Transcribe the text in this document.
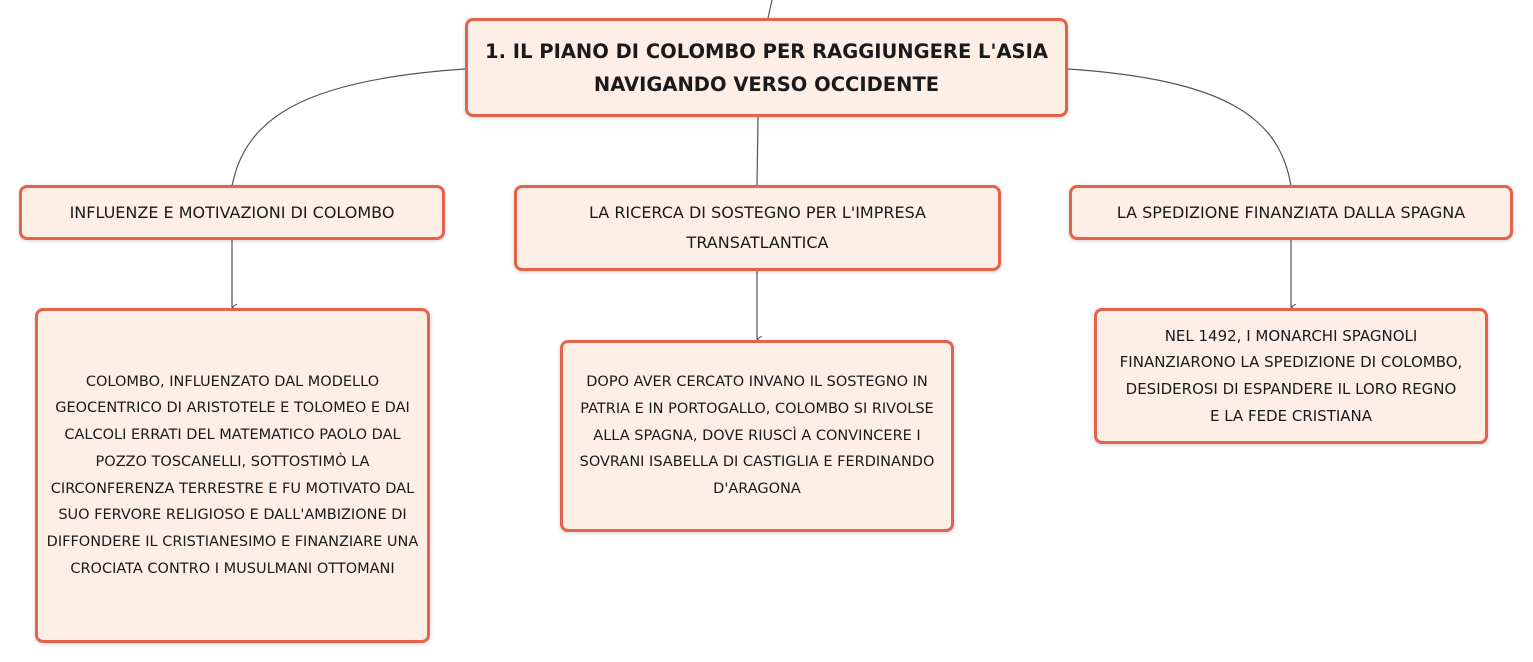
1. IL PIANO DI COLOMBO PER RAGGIUNGERE L'ASIA NAVIGANDO VERSO OCCIDENTE
INFLUENZE E MOTIVAZIONI DI COLOMBO	LA RICERCA DI SOSTEGNO PER L'IMPRESA TRANSATLANTICA
LA SPEDIZIONE FINANZIATA DALLA SPAGNA
COLOMBO, INFLUENZATO DAL MODELLO GEOCENTRICO DI ARISTOTELE E TOLOMEO E DAI CALCOLI ERRATI DEL MATEMATICO PAOLO DAL POZZO TOSCANELLI, SOTTOSTIMÒ LA CIRCONFERENZA TERRESTRE E FU MOTIVATO DAL SUO FERVORE RELIGIOSO E DALL'AMBIZIONE DI DIFFONDERE IL CRISTIANESIMO E FINANZIARE UNA CROCIATA CONTRO I MUSULMANI OTTOMANI
DOPO AVER CERCATO INVANO IL SOSTEGNO IN PATRIA E IN PORTOGALLO, COLOMBO SI RIVOLSE ALLA SPAGNA, DOVE RIUSCÌ A CONVINCERE I SOVRANI ISABELLA DI CASTIGLIA E FERDINANDO D'ARAGONA
NEL 1492, I MONARCHI SPAGNOLI FINANZIARONO LA SPEDIZIONE DI COLOMBO, DESIDEROSI DI ESPANDERE IL LORO REGNO E LA FEDE CRISTIANA
